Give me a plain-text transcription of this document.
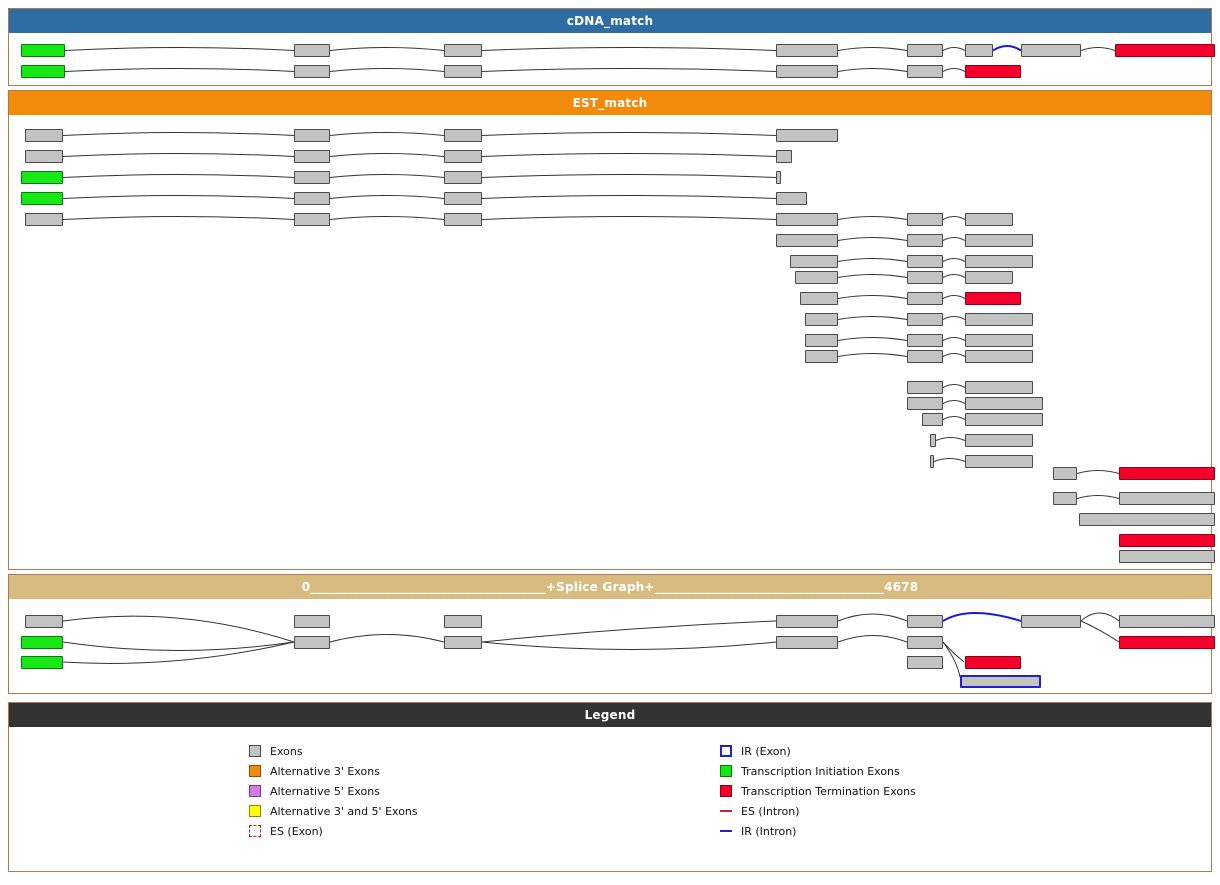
cDNA_match
EST_match
0______________________________________+Splice Graph+_____________________________________4678
Legend
Exons
Alternative 3' Exons
Alternative 5' Exons
Alternative 3' and 5' Exons
ES (Exon)
IR (Exon)
Transcription Initiation Exons
Transcription Termination Exons
ES (Intron)
IR (Intron)
